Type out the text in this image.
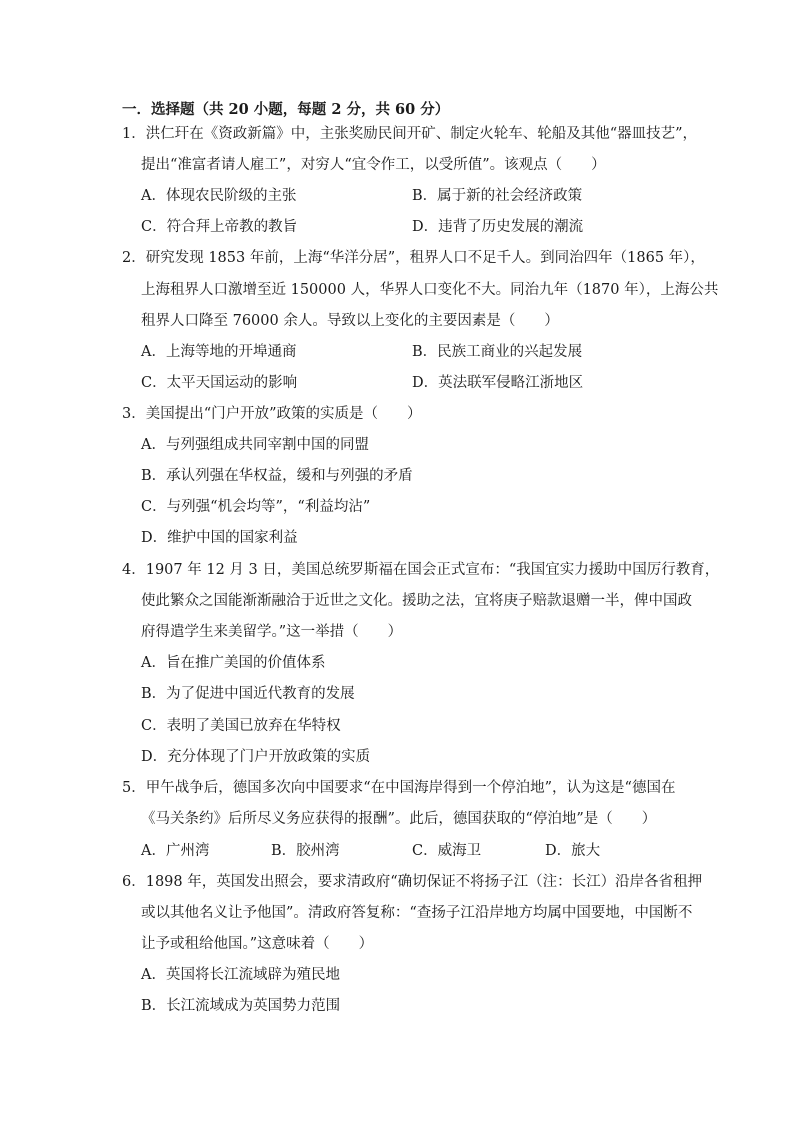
一．选择题（共 20 小题，每题 2 分，共 60 分）
1．洪仁玕在《资政新篇》中，主张奖励民间开矿、制定火轮车、轮船及其他“器皿技艺”，
提出“准富者请人雇工”，对穷人“宜令作工，以受所值”。该观点（　　）
A．体现农民阶级的主张	B．属于新的社会经济政策
C．符合拜上帝教的教旨	D．违背了历史发展的潮流
2．研究发现 1853 年前，上海“华洋分居”，租界人口不足千人。到同治四年（1865 年），
上海租界人口激增至近 150000 人，华界人口变化不大。同治九年（1870 年），上海公共
租界人口降至 76000 余人。导致以上变化的主要因素是（　　）
A．上海等地的开埠通商	B．民族工商业的兴起发展
C．太平天国运动的影响	D．英法联军侵略江浙地区
3．美国提出“门户开放”政策的实质是（　　）
A．与列强组成共同宰割中国的同盟
B．承认列强在华权益，缓和与列强的矛盾
C．与列强“机会均等”，“利益均沾”
D．维护中国的国家利益
4．1907 年 12 月 3 日，美国总统罗斯福在国会正式宣布：“我国宜实力援助中国厉行教育，
使此繁众之国能渐渐融洽于近世之文化。援助之法，宜将庚子赔款退赠一半，俾中国政
府得遣学生来美留学。”这一举措（　　）
A．旨在推广美国的价值体系
B．为了促进中国近代教育的发展
C．表明了美国已放弃在华特权
D．充分体现了门户开放政策的实质
5．甲午战争后，德国多次向中国要求“在中国海岸得到一个停泊地”，认为这是“德国在
《马关条约》后所尽义务应获得的报酬”。此后，德国获取的“停泊地”是（　　）
A．广州湾	B．胶州湾	C．威海卫	D．旅大
6．1898 年，英国发出照会，要求清政府“确切保证不将扬子江（注：长江）沿岸各省租押
或以其他名义让予他国”。清政府答复称：“查扬子江沿岸地方均属中国要地，中国断不
让予或租给他国。”这意味着（　　）
A．英国将长江流域辟为殖民地
B．长江流域成为英国势力范围
